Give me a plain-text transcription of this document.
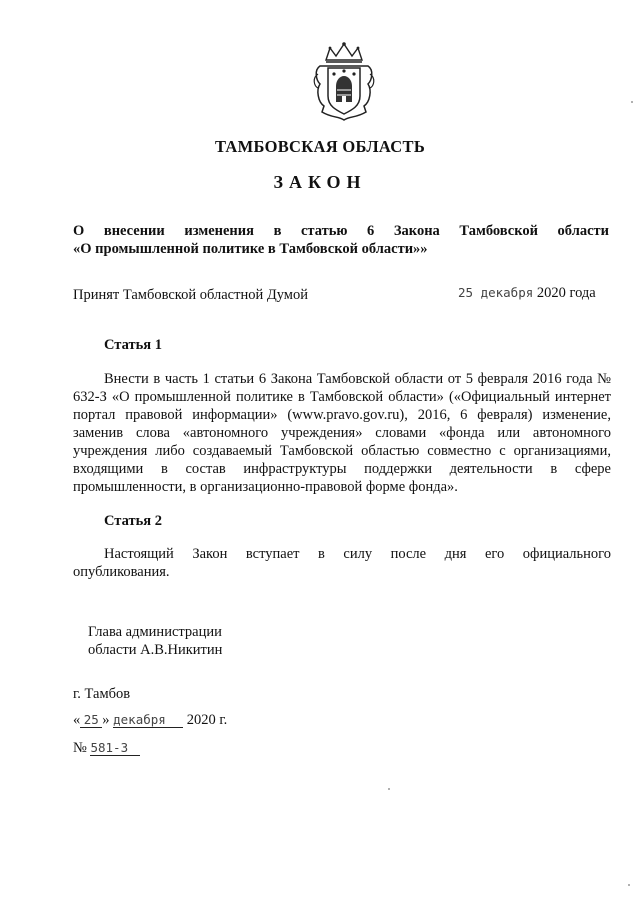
ТАМБОВСКАЯ ОБЛАСТЬ
ЗАКОН
О внесении изменения в статью 6 Закона Тамбовской области
«О промышленной политике в Тамбовской области»»
Принят Тамбовской областной Думой	25 декабря 2020 года
Статья 1
Внести в часть 1 статьи 6 Закона Тамбовской области от 5 февраля 2016 года № 632-З «О промышленной политике в Тамбовской области» («Официальный интернет портал правовой информации» (www.pravo.gov.ru), 2016, 6 февраля) изменение, заменив слова «автономного учреждения» словами «фонда или автономного учреждения либо создаваемый Тамбовской областью совместно с организациями, входящими в состав инфраструктуры поддержки деятельности в сфере промышленности, в организационно-правовой форме фонда».
Статья 2
Настоящий Закон вступает в силу после дня его официального
опубликования.
Глава администрации
области А.В.Никитин
г. Тамбов
« 25 » декабря 2020 г.
№ 581-З
